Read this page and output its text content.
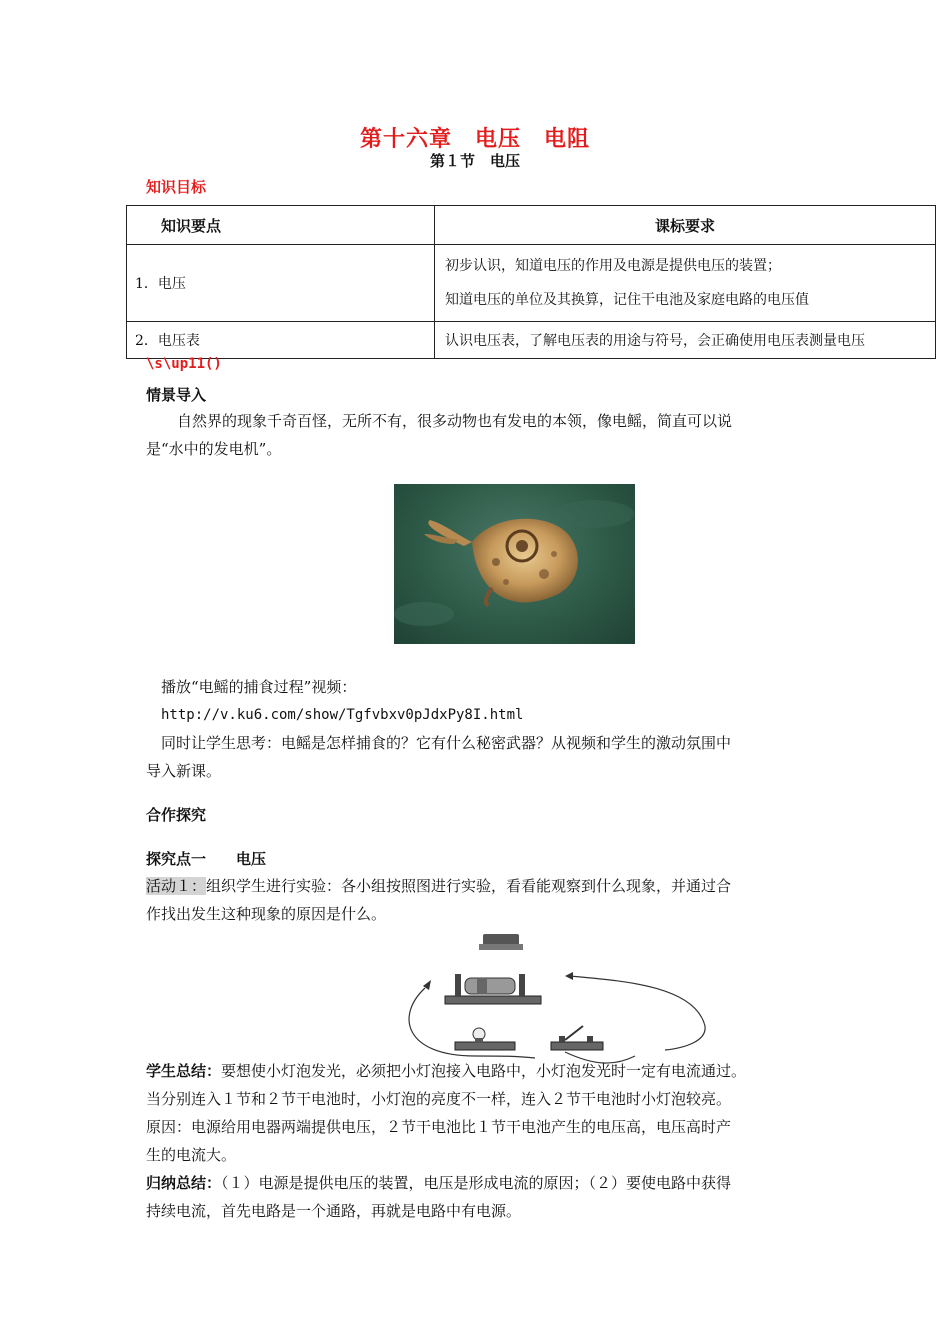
第十六章　电压　电阻
第１节　电压
知识目标
知识要点	课标要求
1．电压	初步认识，知道电压的作用及电源是提供电压的装置；
知道电压的单位及其换算，记住干电池及家庭电路的电压值

2．电压表	认识电压表，了解电压表的用途与符号，会正确使用电压表测量电压
\s\up11()
情景导入
自然界的现象千奇百怪，无所不有，很多动物也有发电的本领，像电鳐，简直可以说
是“水中的发电机”。
播放“电鳐的捕食过程”视频：
http://v.ku6.com/show/Tgfvbxv0pJdxPy8I.html
同时让学生思考：电鳐是怎样捕食的？它有什么秘密武器？从视频和学生的激动氛围中
导入新课。
合作探究
探究点一　　电压
活动１：组织学生进行实验：各小组按照图进行实验，看看能观察到什么现象，并通过合
作找出发生这种现象的原因是什么。
学生总结：要想使小灯泡发光，必须把小灯泡接入电路中，小灯泡发光时一定有电流通过。
当分别连入１节和２节干电池时，小灯泡的亮度不一样，连入２节干电池时小灯泡较亮。
原因：电源给用电器两端提供电压，２节干电池比１节干电池产生的电压高，电压高时产
生的电流大。
归纳总结：（１）电源是提供电压的装置，电压是形成电流的原因；（２）要使电路中获得
持续电流，首先电路是一个通路，再就是电路中有电源。
